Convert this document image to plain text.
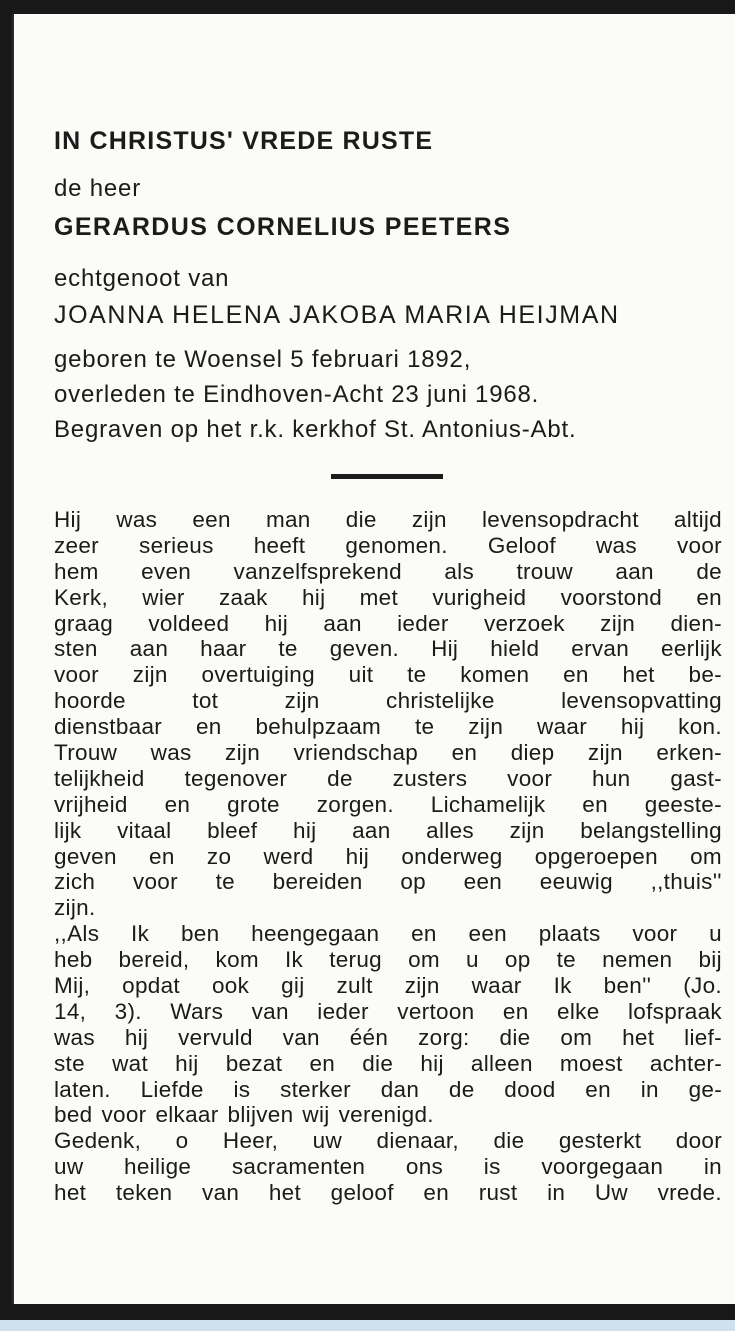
IN CHRISTUS' VREDE RUSTE

de heer

GERARDUS CORNELIUS PEETERS

echtgenoot van

JOANNA HELENA JAKOBA MARIA HEIJMAN

geboren te Woensel 5 februari 1892,

overleden te Eindhoven-Acht 23 juni 1968.

Begraven op het r.k. kerkhof St. Antonius-Abt.

Hij was een man die zijn levensopdracht altijd
zeer serieus heeft genomen. Geloof was voor
hem even vanzelfsprekend als trouw aan de
Kerk, wier zaak hij met vurigheid voorstond en
graag voldeed hij aan ieder verzoek zijn dien-
sten aan haar te geven. Hij hield ervan eerlijk
voor zijn overtuiging uit te komen en het be-
hoorde	tot	zijn	christelijke	levensopvatting
dienstbaar en behulpzaam te zijn waar hij kon.
Trouw was zijn vriendschap en diep zijn erken-
telijkheid tegenover de zusters voor hun gast-
vrijheid en grote zorgen. Lichamelijk en geeste-
lijk vitaal bleef hij aan alles zijn belangstelling
geven en zo werd hij onderweg opgeroepen om
zich voor te bereiden op een eeuwig ,,thuis''
zijn.
,,Als Ik ben heengegaan en een plaats voor u
heb bereid, kom Ik terug om u op te nemen bij
Mij, opdat ook gij zult zijn waar Ik ben'' (Jo.
14, 3). Wars van ieder vertoon en elke lofspraak
was hij vervuld van één zorg: die om het lief-
ste wat hij bezat en die hij alleen moest achter-
laten. Liefde is sterker dan de dood en in ge-
bed voor elkaar blijven wij verenigd.
Gedenk, o Heer, uw dienaar, die gesterkt door
uw heilige sacramenten ons is voorgegaan in
het teken van het geloof en rust in Uw vrede.
